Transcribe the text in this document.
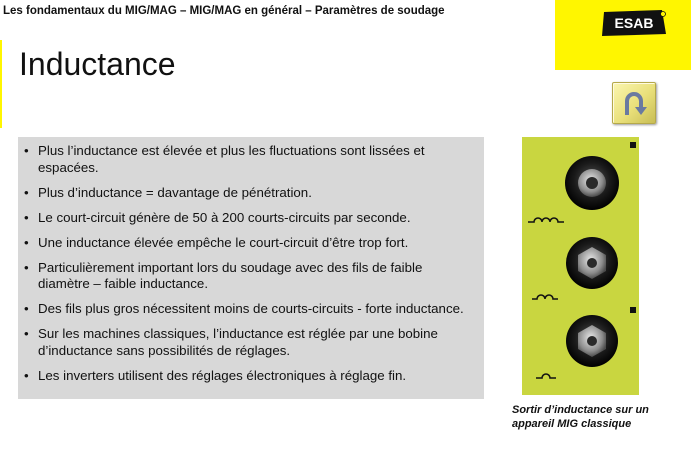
Les fondamentaux du MIG/MAG – MIG/MAG en général – Paramètres de soudage
ESAB
Inductance
• Plus l’inductance est élevée et plus les fluctuations sont lissées et espacées.
• Plus d’inductance = davantage de pénétration.
• Le court-circuit génère de 50 à 200 courts-circuits par seconde.
• Une inductance élevée empêche le court-circuit d’être trop fort.
• Particulièrement important lors du soudage avec des fils de faible diamètre – faible inductance.
• Des fils plus gros nécessitent moins de courts-circuits - forte inductance.
• Sur les machines classiques, l’inductance est réglée par une bobine d’inductance sans possibilités de réglages.
• Les inverters utilisent des réglages électroniques à réglage fin.
Sortir d’inductance sur un
appareil MIG classique
